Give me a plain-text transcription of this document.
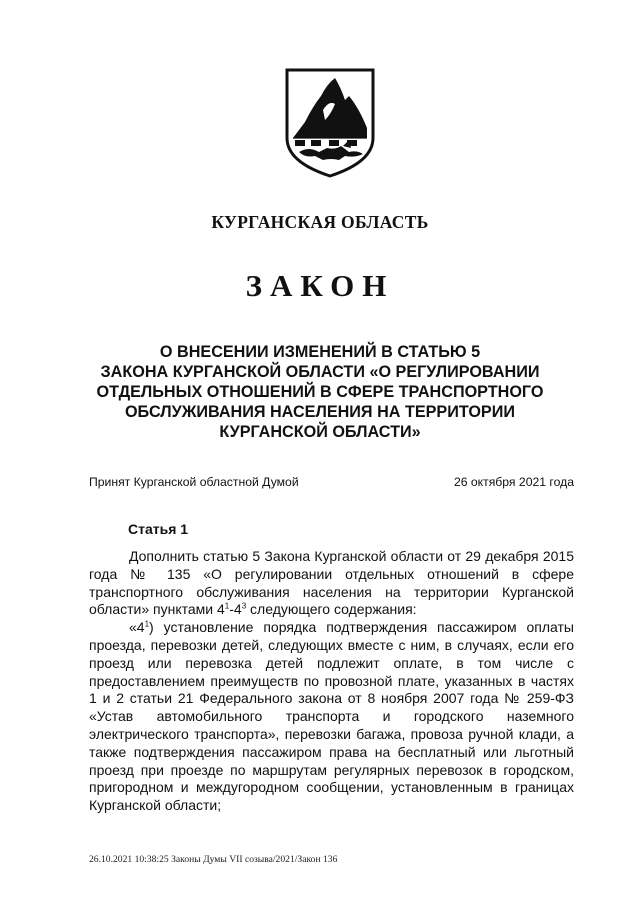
КУРГАНСКАЯ ОБЛАСТЬ
ЗАКОН
О ВНЕСЕНИИ ИЗМЕНЕНИЙ В СТАТЬЮ 5
ЗАКОНА КУРГАНСКОЙ ОБЛАСТИ «О РЕГУЛИРОВАНИИ
ОТДЕЛЬНЫХ ОТНОШЕНИЙ В СФЕРЕ ТРАНСПОРТНОГО
ОБСЛУЖИВАНИЯ НАСЕЛЕНИЯ НА ТЕРРИТОРИИ
КУРГАНСКОЙ ОБЛАСТИ»
Принят Курганской областной Думой	26 октября 2021 года
Статья 1

Дополнить статью 5 Закона Курганской области от 29 декабря 2015 года № 135 «О регулировании отдельных отношений в сфере транспортного обслуживания населения на территории Курганской области» пунктами $4^1-4^3$ следующего содержания:

«$4^1$) установление порядка подтверждения пассажиром оплаты проезда, перевозки детей, следующих вместе с ним, в случаях, если его проезд или перевозка детей подлежит оплате, в том числе с предоставлением преимуществ по провозной плате, указанных в частях 1 и 2 статьи 21 Федерального закона от 8 ноября 2007 года № 259-ФЗ «Устав автомобильного транспорта и городского наземного электрического транспорта», перевозки багажа, провоза ручной клади, а также подтверждения пассажиром права на бесплатный или льготный проезд при проезде по маршрутам регулярных перевозок в городском, пригородном и междугородном сообщении, установленным в границах Курганской области;

26.10.2021 10:38:25 Законы Думы VII созыва/2021/Закон 136
